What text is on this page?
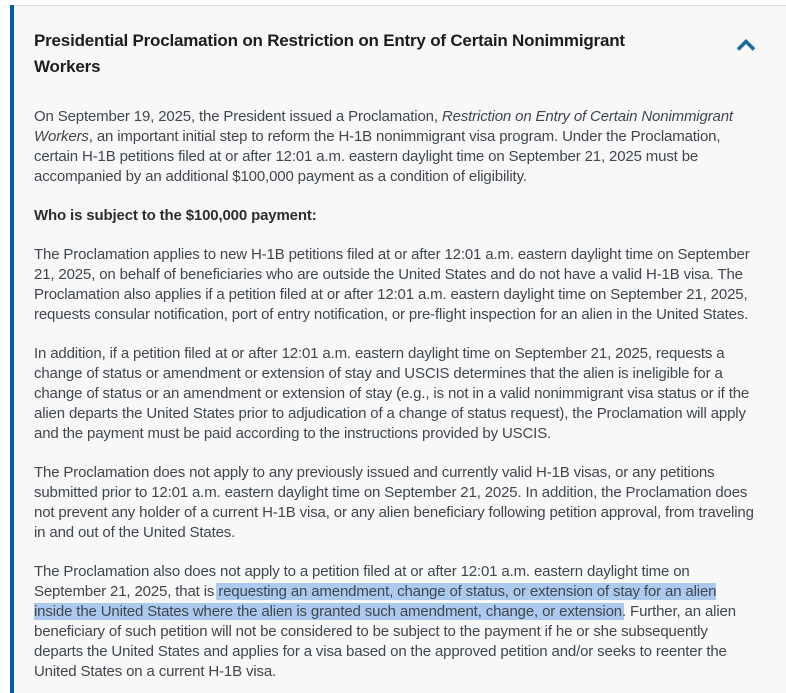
Presidential Proclamation on Restriction on Entry of Certain Nonimmigrant Workers

On September 19, 2025, the President issued a Proclamation, Restriction on Entry of Certain Nonimmigrant Workers, an important initial step to reform the H-1B nonimmigrant visa program. Under the Proclamation, certain H-1B petitions filed at or after 12:01 a.m. eastern daylight time on September 21, 2025 must be accompanied by an additional $100,000 payment as a condition of eligibility.

Who is subject to the $100,000 payment:

The Proclamation applies to new H-1B petitions filed at or after 12:01 a.m. eastern daylight time on September 21, 2025, on behalf of beneficiaries who are outside the United States and do not have a valid H-1B visa. The Proclamation also applies if a petition filed at or after 12:01 a.m. eastern daylight time on September 21, 2025, requests consular notification, port of entry notification, or pre-flight inspection for an alien in the United States.

In addition, if a petition filed at or after 12:01 a.m. eastern daylight time on September 21, 2025, requests a change of status or amendment or extension of stay and USCIS determines that the alien is ineligible for a change of status or an amendment or extension of stay (e.g., is not in a valid nonimmigrant visa status or if the alien departs the United States prior to adjudication of a change of status request), the Proclamation will apply and the payment must be paid according to the instructions provided by USCIS.

The Proclamation does not apply to any previously issued and currently valid H-1B visas, or any petitions submitted prior to 12:01 a.m. eastern daylight time on September 21, 2025. In addition, the Proclamation does not prevent any holder of a current H-1B visa, or any alien beneficiary following petition approval, from traveling in and out of the United States.

The Proclamation also does not apply to a petition filed at or after 12:01 a.m. eastern daylight time on September 21, 2025, that is requesting an amendment, change of status, or extension of stay for an alien inside the United States where the alien is granted such amendment, change, or extension. Further, an alien beneficiary of such petition will not be considered to be subject to the payment if he or she subsequently departs the United States and applies for a visa based on the approved petition and/or seeks to reenter the United States on a current H-1B visa.
